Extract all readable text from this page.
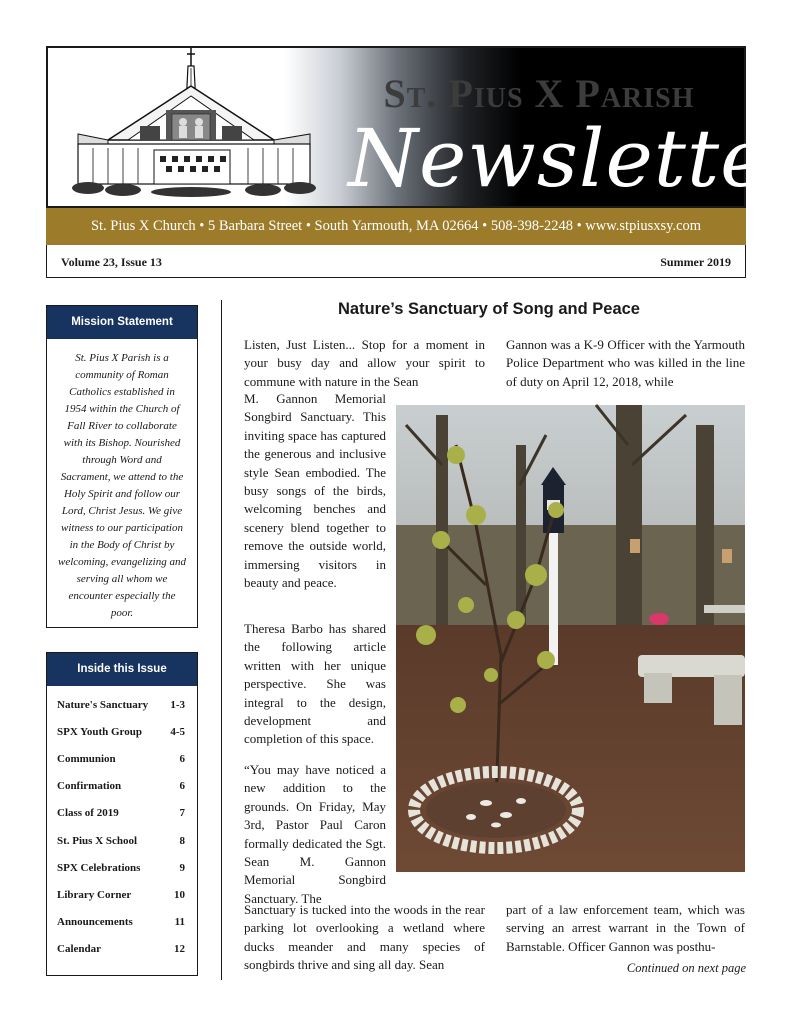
St. Pius X Parish
Newsletter
St. Pius X Church • 5 Barbara Street • South Yarmouth, MA 02664 • 508-398-2248 • www.stpiusxsy.com
Volume 23, Issue 13	Summer 2019
Mission Statement
St. Pius X Parish is a community of Roman Catholics established in 1954 within the Church of Fall River to collaborate with its Bishop. Nourished through Word and Sacrament, we attend to the Holy Spirit and follow our Lord, Christ Jesus. We give witness to our participation in the Body of Christ by welcoming, evangelizing and serving all whom we encounter especially the poor.
Inside this Issue
Nature's Sanctuary 1-3
SPX Youth Group	4-5
Communion	6
Confirmation	6
Class of 2019	7
St. Pius X School	8
SPX Celebrations	9
Library Corner	10
Announcements	11
Calendar	12
Nature’s Sanctuary of Song and Peace
Listen, Just Listen... Stop for a moment in your busy day and allow your spirit to commune with nature in the Sean
M. Gannon Memorial Songbird Sanctuary. This inviting space has captured the generous and inclusive style Sean embodied. The busy songs of the birds, welcoming benches and scenery blend together to remove the outside world, immersing visitors in beauty and peace.
Theresa Barbo has shared the following article written with her unique perspective. She was integral to the design, development and completion of this space.
“You may have noticed a new addition to the grounds. On Friday, May 3rd, Pastor Paul Caron formally dedicated the Sgt. Sean M. Gannon Memorial Songbird Sanctuary. The
Sanctuary is tucked into the woods in the rear parking lot overlooking a wetland where ducks meander and many species of songbirds thrive and sing all day. Sean
Gannon was a K-9 Officer with the Yarmouth Police Department who was killed in the line of duty on April 12, 2018, while
part of a law enforcement team, which was serving an arrest warrant in the Town of Barnstable. Officer Gannon was posthu-
Continued on next page
